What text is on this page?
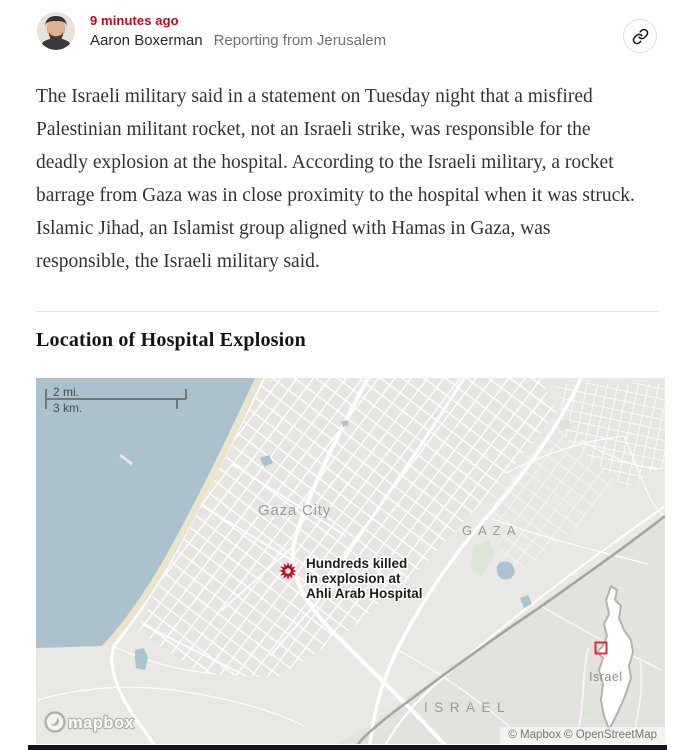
9 minutes ago
Aaron Boxerman Reporting from Jerusalem
The Israeli military said in a statement on Tuesday night that a misfired Palestinian militant rocket, not an Israeli strike, was responsible for the deadly explosion at the hospital. According to the Israeli military, a rocket barrage from Gaza was in close proximity to the hospital when it was struck. Islamic Jihad, an Islamist group aligned with Hamas in Gaza, was responsible, the Israeli military said.
Location of Hospital Explosion
Gaza City
GAZA
ISRAEL
Israel
2 mi.
3 km.
Hundreds killed
in explosion at
Ahli Arab Hospital
mapbox
© Mapbox © OpenStreetMap
